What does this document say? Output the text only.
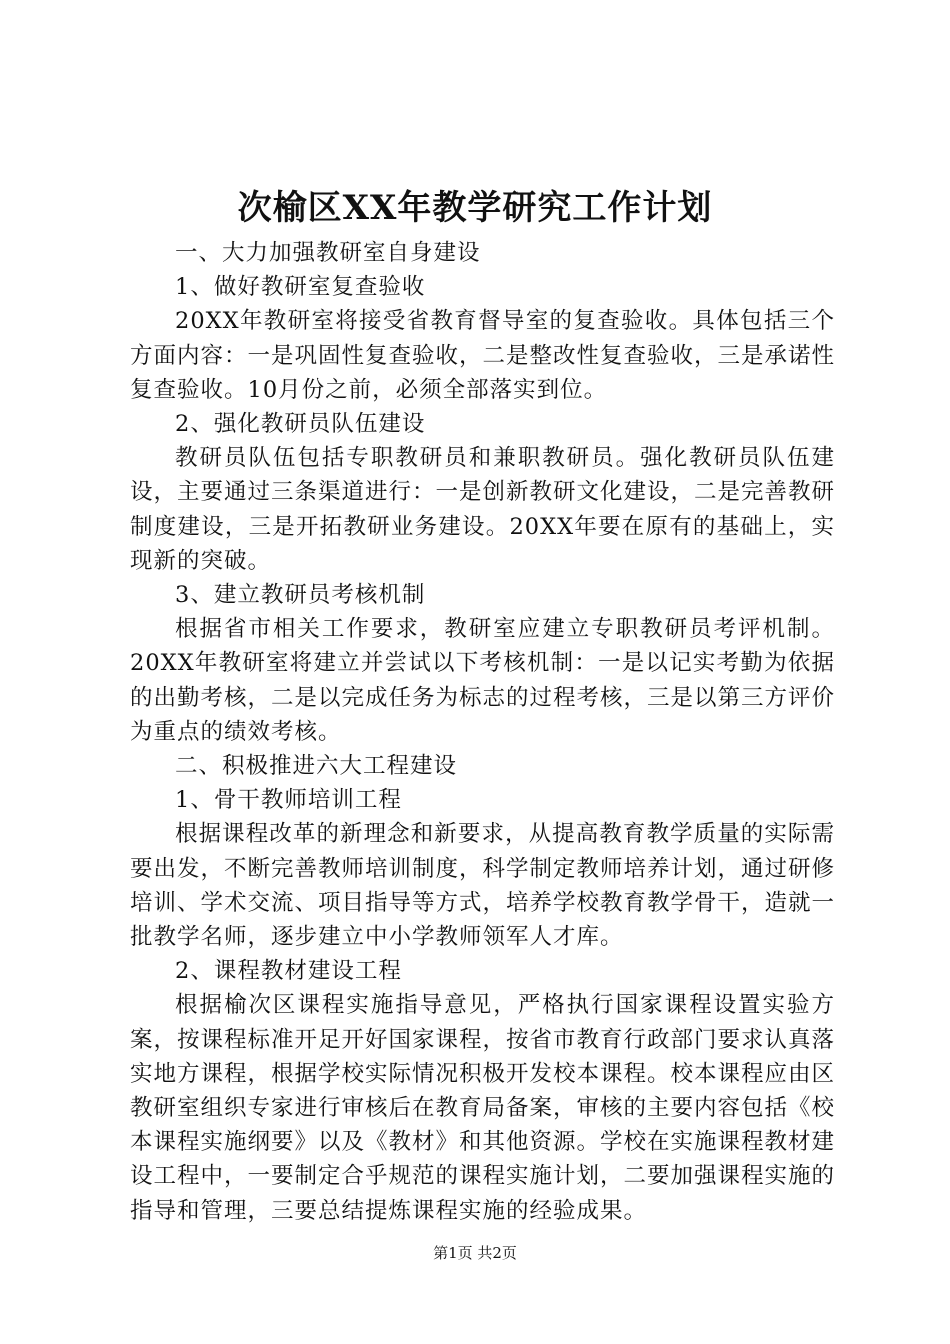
次榆区XX年教学研究工作计划

一、大力加强教研室自身建设

1、做好教研室复查验收

20XX年教研室将接受省教育督导室的复查验收。具体包括三个方面内容：一是巩固性复查验收，二是整改性复查验收，三是承诺性复查验收。10月份之前，必须全部落实到位。

2、强化教研员队伍建设

教研员队伍包括专职教研员和兼职教研员。强化教研员队伍建设，主要通过三条渠道进行：一是创新教研文化建设，二是完善教研制度建设，三是开拓教研业务建设。20XX年要在原有的基础上，实现新的突破。

3、建立教研员考核机制

根据省市相关工作要求，教研室应建立专职教研员考评机制。20XX年教研室将建立并尝试以下考核机制：一是以记实考勤为依据的出勤考核，二是以完成任务为标志的过程考核，三是以第三方评价为重点的绩效考核。

二、积极推进六大工程建设

1、骨干教师培训工程

根据课程改革的新理念和新要求，从提高教育教学质量的实际需要出发，不断完善教师培训制度，科学制定教师培养计划，通过研修培训、学术交流、项目指导等方式，培养学校教育教学骨干，造就一批教学名师，逐步建立中小学教师领军人才库。

2、课程教材建设工程

根据榆次区课程实施指导意见，严格执行国家课程设置实验方案，按课程标准开足开好国家课程，按省市教育行政部门要求认真落实地方课程，根据学校实际情况积极开发校本课程。校本课程应由区教研室组织专家进行审核后在教育局备案，审核的主要内容包括《校本课程实施纲要》以及《教材》和其他资源。学校在实施课程教材建设工程中，一要制定合乎规范的课程实施计划，二要加强课程实施的指导和管理，三要总结提炼课程实施的经验成果。

第1页 共2页
